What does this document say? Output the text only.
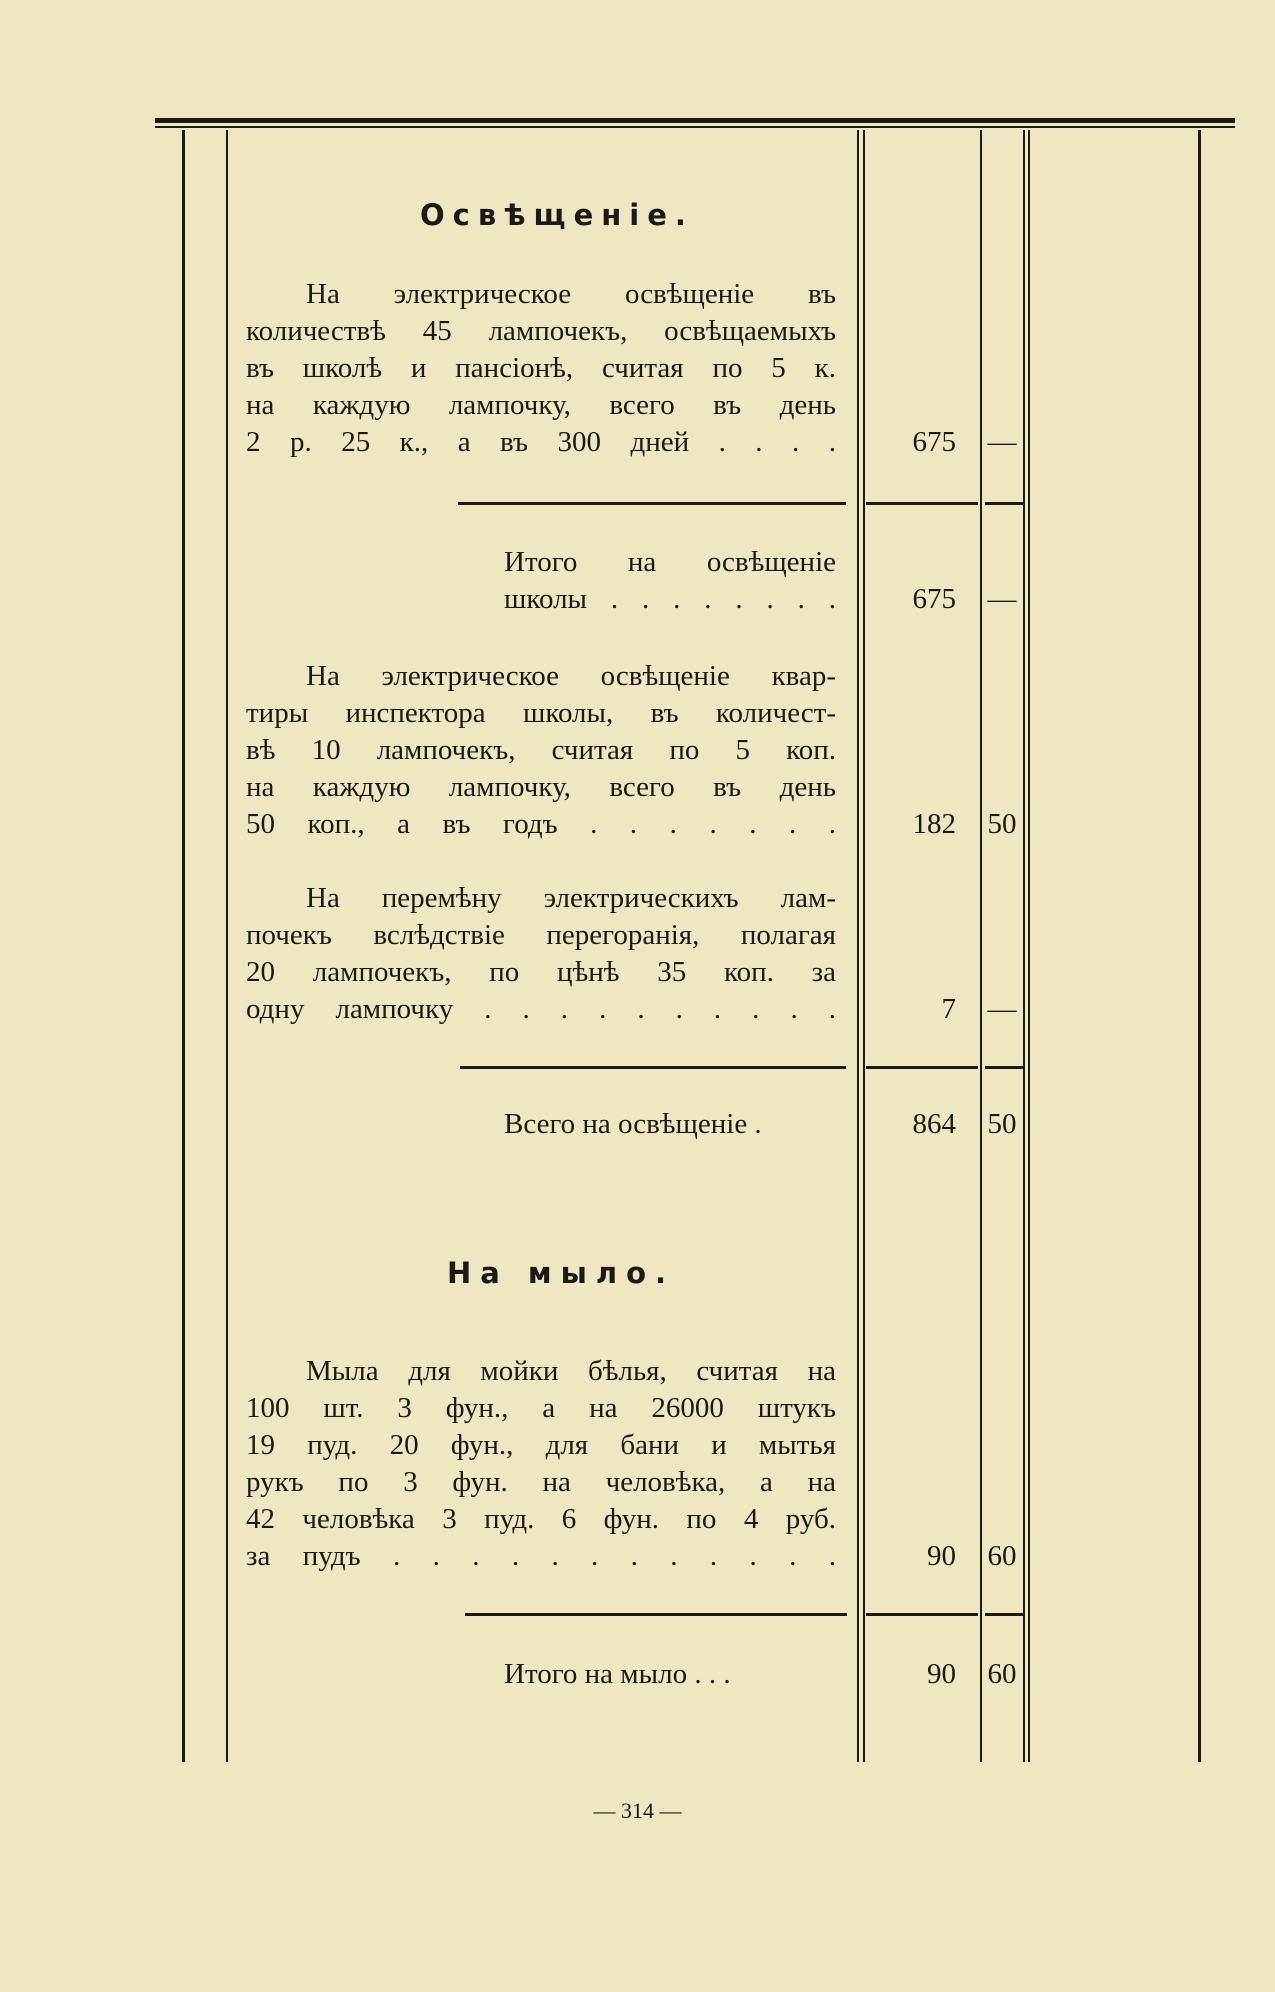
Освѣщеніе.
На электрическое освѣщеніе въ
количествѣ 45 лампочекъ, освѣщаемыхъ
въ школѣ и пансіонѣ, считая по 5 к.
на каждую лампочку, всего въ день
2 р. 25 к., а въ 300 дней . . . .	675 —
Итого на освѣщеніе
школы . . . . . . . .	675 —
На электрическое освѣщеніе квар-
тиры инспектора школы, въ количест-
вѣ 10 лампочекъ, считая по 5 коп.
на каждую лампочку, всего въ день
50 коп., а въ годъ . . . . . . .	182 50
На перемѣну электрическихъ лам-
почекъ вслѣдствіе перегоранія, полагая
20 лампочекъ, по цѣнѣ 35 коп. за
одну лампочку . . . . . . . . . .	7 —
Всего на освѣщеніе .	864 50
На мыло.
Мыла для мойки бѣлья, считая на
100 шт. 3 фун., а на 26000 штукъ
19 пуд. 20 фун., для бани и мытья
рукъ по 3 фун. на человѣка, а на
42 человѣка 3 пуд. 6 фун. по 4 руб.
за пудъ . . . . . . . . . . . .	90 60
Итого на мыло . . .	90 60
— 314 —
